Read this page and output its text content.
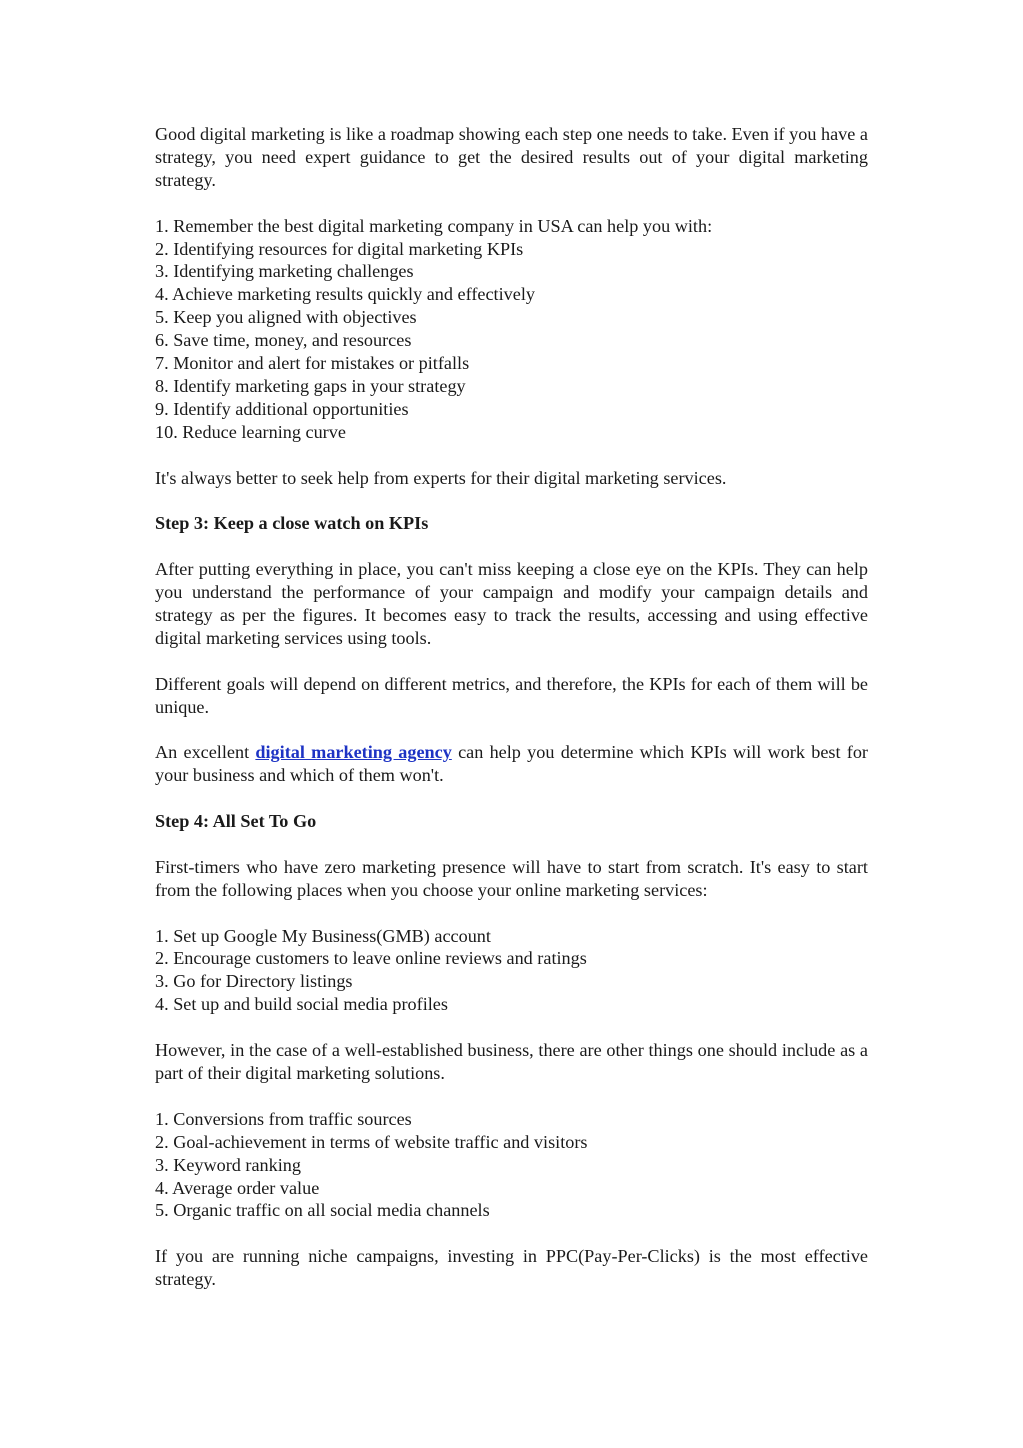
Good digital marketing is like a roadmap showing each step one needs to take. Even if you have a strategy, you need expert guidance to get the desired results out of your digital marketing strategy.

1. Remember the best digital marketing company in USA can help you with:
2. Identifying resources for digital marketing KPIs
3. Identifying marketing challenges
4. Achieve marketing results quickly and effectively
5. Keep you aligned with objectives
6. Save time, money, and resources
7. Monitor and alert for mistakes or pitfalls
8. Identify marketing gaps in your strategy
9. Identify additional opportunities
10. Reduce learning curve

It's always better to seek help from experts for their digital marketing services.

Step 3: Keep a close watch on KPIs

After putting everything in place, you can't miss keeping a close eye on the KPIs. They can help you understand the performance of your campaign and modify your campaign details and strategy as per the figures. It becomes easy to track the results, accessing and using effective digital marketing services using tools.

Different goals will depend on different metrics, and therefore, the KPIs for each of them will be unique.

An excellent digital marketing agency can help you determine which KPIs will work best for your business and which of them won't.

Step 4: All Set To Go

First-timers who have zero marketing presence will have to start from scratch. It's easy to start from the following places when you choose your online marketing services:

1. Set up Google My Business(GMB) account
2. Encourage customers to leave online reviews and ratings
3. Go for Directory listings
4. Set up and build social media profiles

However, in the case of a well-established business, there are other things one should include as a part of their digital marketing solutions.

1. Conversions from traffic sources
2. Goal-achievement in terms of website traffic and visitors
3. Keyword ranking
4. Average order value
5. Organic traffic on all social media channels

If you are running niche campaigns, investing in PPC(Pay-Per-Clicks) is the most effective strategy.
